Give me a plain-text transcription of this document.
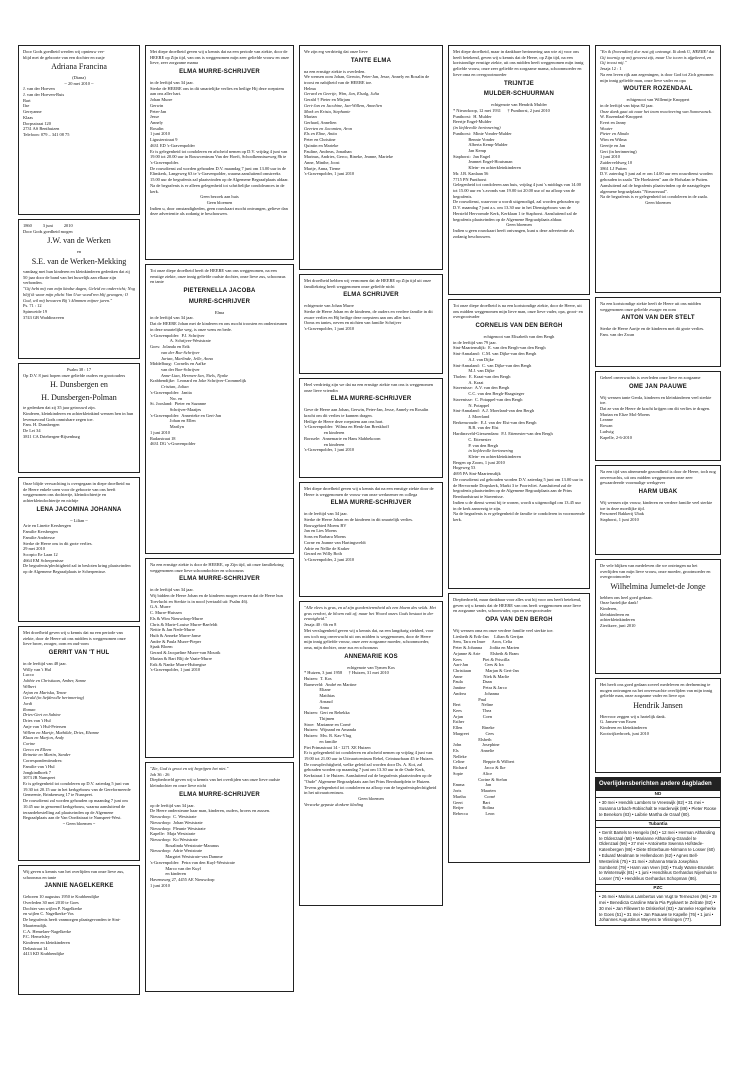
Door Gods goedheid werden wij opnieuw ver-
blijd met de geboorte van een dochter en zusje
Adriana Francina
(Diana)
~ 20 mei 2010 ~
J. van der Hoeven
J. van der Hoeven-Ruis
Bart
Ilse
Gerryanne
Klaas
Dorpsstraat 120
2731 AS Benthuizen
Telefoon: 079 – 341 08 75
1860          3 juni          2010
Door Gods goedheid mogen
J.W. van de Werken
en
S.E. van de Werken-Mekking
vandaag met hun kinderen en kleinkinderen gedenken dat zij 50 jaar door de band van het huwelijk aan elkaar zijn verbonden.
"Gij hebt mij van mijn kindse dagen, Geleid en onderricht; Nog blijf ik waar mijn plicht Van Uwe wond'ren blij gewagen; O God, wil mij bewaren Bij 't klimmen mijner jaren."
Ps. 71 : 12
Spinweide 19
3743 GB Waddinxveen
Psalm 38 : 17
Op D.V. 8 juni hopen onze geliefde ouders en grootouders
H. Dunsbergen en
H. Dunsbergen-Polman
te gedenken dat zij 35 jaar getrouwd zijn.
Kinderen, kleinkinderen en achterkleinkind wensen hen in hun levensavond Gods onmisbare zegen toe.
Fam. H. Dunsbergen
De Lei 34
3811 CA Driebergen-Rijsenburg
Onze blijde verwachting is overgegaan in diepe droefheid nu de Heere enkele uren voor de geboorte van ons heeft weggenomen ons dochtertje, kleindochtertje en achterkleindochtertje en nichtje
LENA JACOMINA JOHANNA
~ Lilian ~
Arie en Linette Kersbergen
Familie Kersbergen
Familie Andriesse
Sterke de Heere ons in dit grote verlies.
29 mei 2010
Scorpio Ee Laan 12
4664 EM Scherpenisse
De begrafenis/plechtigheid zal in besloten kring plaatsvinden op de Algemene Begraafplaats te Scherpenisse.
Met droefheid geven wij u kennis dat na een periode van ziekte, door de Heere uit ons midden is weggenomen onze lieve broer, zwager, oom en oud-oom
GERRIT VAN 'T HUL
in de leeftijd van 48 jaar.
Willy van 't Hul
Lucco
Jobbie en Christiaan, Amber, Sanne
Wilbert
Arjan en Mariska, Tenne
Gerald (in liefdevolle herinnering)
Jordi
Roman
Dries-Gert en Sabine
Dries van 't Hul
Anje van 't Hul-Petersen
Willem en Martje, Mathilde, Dries, Ehanne
Klaas en Marjon, Andy
Corine
Gerco en Elleen
Reinette en Martin, Sander
Correspondentieadres:
Familie van 't Hul
Jongkindhoek 7
3073 JR Nunspeet
Er is gelegenheid tot condoleren op D.V. zaterdag 5 juni van 19.30 tot 20.15 uur in het kerkgebouw van de Gereformeerde Gemeente, Brinkenweg 17 te Nunspeet.
De rouwdienst zal worden gehouden op maandag 7 juni om 10.45 uur in genoemd kerkgebouw, waarna aansluitend de teraardebestelling zal plaatsvinden op de Algemene Begraafplaats aan de Van Oordtstraat te Nunspeet-West.
~ Geen bloemen ~
Wij geven u kennis van het overlijden van onze lieve zus, schoonzus en tante
JANNIE NAGELKERKE
Geboren 10 augustus 1950 te Krabbendijke
Overleden 30 mei 2010 te Goes
Dochter van wijlen P. Nagelkerke
en wijlen C. Nagelkerke-Vos
De begrafenis heeft vanmorgen plaatsgevonden te Sint-Maartensdijk.
C.A. Hemelaer-Nagelkerke
P.C. Hemelsley
Kinderen en kleinkinderen
Deltastraat 14
4413 KD Krabbendijke
Met diepe droefheid geven wij u kennis dat na een periode van ziekte, door de HEERE op Zijn tijd, van ons is weggenomen mijn zeer geliefde vrouw en onze lieve, zeer zorgzame mama
ELMA MURRE-SCHRIJVER
in de leeftijd van 34 jaar.
Sterke de HEERE ons in dit smartelijke verlies en heilige Hij deze roepstem aan ons aller hart.
Johan Murre
Gerwin
Peter-Jan
Jesse
Annely
Rosalin
1 juni 2010
Ligusterstraat 9
4631 ED 's-Gravenpolder
Er is gelegenheid tot condoleren en afscheid nemen op D.V. vrijdag 4 juni van 19.00 tot 20.00 uur in Rouwcentrum Van der Hoeft, Schoolkennisseweg 8b te 's-Gravenpolder.
De rouwdienst zal worden gehouden D.V. maandag 7 juni om 13.00 uur in de Elimkerk, Langeweg 63 te 's-Gravenpolder, waarna aansluitend omstreeks 15.00 uur de begrafenis zal plaatsvinden op de Algemene Begraafplaats aldaar.
Na de begrafenis is er alleen gelegenheid tot schriftelijke condoleances in de kerk.
Geen bezoek aan huis
Geen bloemen
Indien u, door omstandigheden, geen rouwkaart mocht ontvangen, gelieve dan deze advertentie als zodanig te beschouwen.
Tot onze diepe droefheid heeft de HEERE van ons weggenomen, na een ernstige ziekte, onze innig geliefde oudste dochter, onze lieve zus, schoonzus en tante
PIETERNELLA JACOBA
MURRE-SCHRIJVER
Elma
in de leeftijd van 34 jaar.
Dat de HEERE Johan met de kinderen en ons mocht troosten en ondersteunen in deze smartelijke weg, is onze wens en bede.
's-Gravenpolder:  P.J. Schrijver
A. Schrijver-Weststrate
Goes:  Jolanda en Erik
van der Boe-Schrijver
Jurian, Marlinde, Jelle, Anna
Middelburg:  Cornelis en Aafke
van der Boe-Schrijver
Anne-Lian, Hermen-Jan, Niels, Nynke
Krabbendijke:  Leonard en Joke Schrijver-Crommelijk
Cristian, Julian
's-Gravenpolder:  Janita
Nw. en
St. Joosland:  Pieter en Suzanne
Schrijver-Maatjes
's-Gravenpolder:  Annerieke en Gert-Jan
Johan en Ellen
Marilyn
1 juni 2010
Radarstraat 18
4631 DG 's-Gravenpolder
Na een ernstige ziekte is door de HEERE, op Zijn tijd, uit onze familiekring weggenomen onze lieve schoondochter en schoonzus
ELMA MURRE-SCHRIJVER
in de leeftijd van 34 jaar.
Wij bidden de Heere Johan en de kinderen mogen ervaren dat de Heere hun Toevlucht en Sterkte is in nood (vertaald uit: Psalm 46).
G.A. Murre
C. Murre-Huissen
Els & Wim Nieuwdorp-Murre
Chris & Marie-Louise Murre-Baefeldt
Nettie & Jan Nede-Murre
Huib & Anneke Murre-Janse
Andre & Paula Murre-Pieper
Sjaak Bloem
Gerard & Jacqueline Murre-van Mourik
Marian & Bart Blij de Vaate-Murre
Erik & Nanke Murre-Hubregtse
's-Gravenpolder, 1 juni 2010
"Zie, God is groot en wij begrijpen het niet."
Job 36 : 26
Diepbedroefd geven wij u kennis van het overlijden van onze lieve oudste kleindochter en onze lieve nicht
ELMA MURRE-SCHRIJVER
op de leeftijd van 34 jaar.
De Heere ondersteune haar man, kinderen, ouders, broers en zussen.
Nieuwdorp:  C. Weststrate
Nieuwdorp:  Johan Weststrate
Nieuwdorp:  Pleunie Weststrate
Kapelle:  Maja Weststrate
Nieuwdorp:  Ko Weststrate
Rosalinda Weststrate-Maranus
Nieuwdorp:  Adrie Weststrate
Margriet Weststrate-van Damme
's-Gravenpolder:  Petra van den Kuyl-Weststrate
Marco van der Kuyl
en kinderen
Havensweg 27, 4455 AE Nieuwdorp
1 juni 2010
We zijn erg verdrietig dat onze lieve
TANTE ELMA
na een ernstige ziekte is overleden.
We wensen oom Johan, Gerwin, Peter-Jan, Jesse, Annely en Rosalin de troost en nabijheid van de HEERE toe.
Helma
Gerard en Geertje, Wim, Jan, Elsalg, Julia
Gerald † Pieter en Mirjam
Gert-Jan en Jacobine, Jan-Willem, Annelien
Mark en Krista, Stephanie
Marian
Gerhard, Annelien
Geerten en Jacomien, Aron
Els en Eline, Anita
Peter en Christine
Quintin en Marieke
Pauline, Andreas, Jonathan
Marinus, Andries, Gerco, Rineke, Jeanne, Marieke
Anne, Minthe, Joost
Martje, Anna, Tieme
's-Gravenpolder, 1 juni 2010
Met droefheid hebben wij vernomen dat de HEERE op Zijn tijd uit onze familiekring heeft weggenomen onze geliefde nicht
ELMA SCHRIJVER
echtgenote van Johan Murre
Sterke de Heere Johan en de kinderen, de ouders en verdere familie in dit zware verlies en Hij heilige deze roepstem aan ons aller hart.
Ooms en tantes, neven en nichten van familie Schrijver
's-Gravenpolder, 1 juni 2010
Heel verdrietig zijn we dat na een ernstige ziekte van ons is weggenomen onze lieve vriendin
ELMA MURRE-SCHRIJVER
Geve de Heere aan Johan, Gerwin, Peter-Jan, Jesse, Annely en Rosalin kracht om dit verlies te kunnen dragen.
Heilige de Heere deze roepstem aan ons hart.
's-Gravenpolder:  Wilma en Henk-Jan Breskhoff
en kinderen
Borssele:  Annemarie en Hans Slabbekoorn
en kinderen
's-Gravenpolder, 1 juni 2010
Met diepe droefheid geven wij u kennis dat na een ernstige ziekte door de Heere is weggenomen de vrouw van onze werknemer en collega
ELMA MURRE-SCHRIJVER
in de leeftijd van 34 jaar.
Sterke de Heere Johan en de kinderen in dit smartelijk verlies.
Bouwgebied Moens BV
Jan en Lies Moens
Sons en Barbara Moens
Corne en Joanne van Hartingsveldt
Adrie en Nellie de Kraker
Gerard en Willy Both
's-Gravenpolder, 2 juni 2010
"Alle vlees is gras, en al zijn goedertierenheid als een bloem des velds. Het gras verdort, de bloem valt af; maar het Woord onzes Gods bestaat in der eeuwigheid."
Jesaja 40 : 6b en 8
Met verslagenheid geven wij u kennis dat, na een langdurig ziekbed, voor ons toch nog onverwacht uit ons midden is weggenomen, door de Heere mijn innig geliefde vrouw, onze zeer zorgzame moeder, schoonmoeder, oma, mijn dochter, onze zus en schoonzus
ANNEMARIE KOS
echtgenote van Tymen Kos
* Huizen, 3 juni 1958      † Huizen, 31 mei 2010
Huizen:  T. Kos
Barneveld:  André en Martine
Eliane
Matthias
Arnaud
Anna
Huizen:  Gert en Rebekka
Thijmen
Stroe:  Marianne en Corné
Huizen:  Wijnand en Amanda
Huizen:  Mw. R. Kas-Vlug
en familie
Piet Primastraat 14 - 1271 XE Huizen
Er is gelegenheid tot condoleren en afscheid nemen op vrijdag 4 juni van 19.00 tot 21.00 uur in Uitvaartcentrum Rebel, Ceintuurbaan 45 te Huizen.
De rouwplechtigheid, welke geleid zal worden door Ds. A. Kot, zal gehouden worden op maandag 7 juni om 13.30 uur in de Oude Kerk, Kerkstraat 1 te Huizen. Aansluitend zal de begrafenis plaatsvinden op de "Oude" Algemene Begraafplaats aan het Prins Bernhardplein te Huizen.
Tevens gelegenheid tot condoleren na afloop van de begrafenisplechtigheid in het uitvaartcentrum.
Geen bloemen
Verzoeke gepaste donkere kleding
Met diepe droefheid, maar in dankbare herinnering aan wie zij voor ons heeft betekend, geven wij u kennis dat de Heere, op Zijn tijd, na een kortstondige ernstige ziekte, uit ons midden heeft weggenomen mijn innig geliefde vrouw, onze zeer geliefde en zorgzame mama, schoonmoeder en lieve oma en overgrootmoeder
TRIJNTJE
MULDER-SCHUURMAN
echtgenote van Hendrik Mulder
* Nieuwkoop, 12 mei 1931      † Punthorst, 2 juni 2010
Punthorst:  H. Mulder
Beertje Engel-Mulder
(in liefdevolle herinnering)
Punthorst:  Minie Vonder-Mulder
Bennie Vonder
Alberta Kemp-Mulder
Jan Kemp
Staphorst:  Jan Engel
Jeannet Engel-Houtsman
Klein- en achterkleinkinderen
Mr. J.B. Kanlaan 56
7715 PN Punthorst
Gelegenheid tot condoleren aan huis, vrijdag 4 juni 's middags van 14.00 tot 15.00 uur en 's avonds van 19.00 tot 20.00 uur of na afloop van de begrafenis.
De rouwdienst, waarvoor u wordt uitgenodigd, zal worden gehouden op D.V. maandag 7 juni a.s. om 13.30 uur in het Dienstgebouw van de Hersteld Hervormde Kerk, Kerklaan 1 te Staphorst. Aansluitend zal de begrafenis plaatsvinden op de Algemene Begraafplaats aldaar.
Geen bloemen
Indien u geen rouwkaart heeft ontvangen, kunt u deze advertentie als zodanig beschouwen.
Tot onze diepe droefheid is na een kortstondige ziekte, door de Heere, uit ons midden weggenomen mijn lieve man, onze lieve vader, opa, groot- en overgrootvader
CORNELIS VAN DEN BERGH
echtgenoot van Elisabeth van den Bergh
in de leeftijd van 79 jaar.
Sint-Maartensdijk:  E. van den Bergh-van den Bergh
Sint-Annaland:  C.M. van Dijke-van den Bergh
A.J. van Dijke
Sint-Annaland:  C. van Dijke-van den Bergh
M.J. van Dijke
Tholen:  E. Kraai-van den Bergh
A. Kraai
Stavenisse:  A.V. van den Bergh
C.C. van den Bergh-Haagsteger
Stavenisse:  C. Potappel-van den Bergh
N. Potappel
Sint-Annaland:  A.J. Moerland-van den Bergh
J. Moerland
Berkenwoude:  E.J. van der Elst-van den Bergh
R.B. van der Elst
Hardinxveld-Giessendam:  P.J. Ettenester-van den Bergh
C. Ettenester
P. van den Bergh
in liefdevolle herinnering
Klein- en achterkleinkinderen
Bergen op Zoom, 1 juni 2010
Hogeweg 53
4695 PA Sint-Maartensdijk
De rouwdienst zal gehouden worden D.V. zaterdag 5 juni om 13.00 uur in de Hervormde Dorpskerk, Markt 3 te Poortvliet. Aansluitend zal de begrafenis plaatsvinden op de Algemene Begraafplaats aan de Prins Bernhardstraat te Stavenisse.
Indien u de dienst wenst bij te wonen, wordt u uitgenodigd om 13.45 uur in de kerk aanwezig te zijn.
Na de begrafenis is er gelegenheid de familie te condoleren in voornoemde kerk.
Diepbedroefd, maar dankbaar voor alles wat hij voor ons heeft betekend, geven wij u kennis dat de HEERE van ons heeft weggenomen onze lieve en zorgzame vader, schoonvader, opa en overgrootvader
OPA VAN DEN BERGH
Wij wensen oma en onze verdere familie veel sterkte toe.
Liesbeth & Erik-Jan     Lilian & Gertjan
Sem, Tara en Imre      Aron, Celia
Peter & Johanna       Jodita en Marten
Arjanne & Arie         Elsbeth & Bram
Kees                   Piet & Priscilla
Aart-Jan               Cees & Ira
Christiaan             Marjan & Gert-Jan
Anne                   Niek & Marlie
Paula                  Daan
Jantine                Petra & Jarco
Andrea                 Johanna
Paul
Bert                   Neline
Kees                   Thea
Arjan                  Coen
Esther
Ellen                  Rineke
Margreet               Cees
Elsbeth
John                   Josephine
Els                    Annelie
Nelleke
Celine                 Beppie & Wilbert
Richard                Jacco & Ike
Sopie                  Alice
Corine & Stefan
Emma                   Jan
Joris                  Maarten
Martha                 Corné
Geert                  Bart
Reijer                 Rolina
Rebecca                Leon
"En ik (bovendien) doe rust gij ontvangt. Ik dank U, HEERE! dat Gij toornig op mij geweest zijt, maar Uw toorn is afgekeerd, en Gij troost mij."
Jesaja 12 : 1
Na een leven rijk aan zegeningen, is door God tot Zich genomen mijn innig geliefde man, onze lieve vader en opa
WOUTER ROZENDAAL
echtgenoot van Willemtje Knoppert
in de leeftijd van bijna 82 jaar.
Onze dank gaat uit naar het team reactivering van Sonnevanck.
W. Rozendaal-Knoppert
Evert en Janny
Wouter
Pieter en Alinda
Wim en Wilma
Geertje en Jan
Gert (in herinnering)
1 juni 2010
Zuiderveldweg 10
3861 LJ Putten
D.V. zaterdag 5 juni zal er om 14.00 uur een rouwdienst worden gehouden in zaala "De Hoeksteen" aan de Hofsalan te Putten. Aansluitend zal de begrafenis plaatsvinden op de naastgelegen algemene begraafplaats "Nieuwezaal".
Na de begrafenis is er gelegenheid tot condoleren in de zaala.
Geen bloemen
Na een kortstondige ziekte heeft de Heere uit ons midden weggenomen onze geliefde zwager en oom
ANTON VAN DER STELT
Sterke de Heere Aartje en de kinderen met dit grote verlies.
Fam. van der Zwan
Geheel onverwachts is overleden onze lieve en zorgzame
OME JAN PAAUWE
Wij wensen tante Gerda, kinderen en kleinkinderen veel sterkte toe.
Dat ze van de Heere de kracht krijgen om dit verlies te dragen.
Marian en Elize Mol-Moens
Leanne
Rowan
Ludwig
Kapelle, 2-6-2010
Na een tijd van afnemende gezondheid is door de Heere, toch nog onverwachts, uit ons midden weggenomen onze zeer gewaardeerde voormalige werkgever
HARM UBAK
Wij wensen zijn vrouw, kinderen en verdere familie veel sterkte toe in deze moeilijke tijd.
Personeel Bakkerij Ubak
Staphorst, 1 juni 2010
De vele blijken van medeleven die we ontvingen na het overlijden van mijn lieve vrouw, onze moeder, grootmoeder en overgrootmoeder
Wilhelmina Jumelet-de Jonge
hebben ons heel goed gedaan.
Onze hartelijke dank!
Kinderen,
kleinkinderen en
achterkleinkinderen
Zierikzee, juni 2010
Het heeft ons goed gedaan zoveel medeleven en deelneming te mogen ontvangen na het onverwachte overlijden van mijn innig geliefde man, onze zorgzame vader en lieve opa
Hendrik Jansen
Hiervoor zeggen wij u hartelijk dank.
G. Jansen-van Essen
Kinderen en kleinkinderen
Kootwijkerbroek, juni 2010
Overlijdensberichten andere dagbladen
ND
• 30 mei • Hendrik Lambers te Vreeswijk (82) • 31 mei • Susanna Urbach-Robischalt te Harderwijk (89) • Pieter Roose te Benekom (83) • Laibrie Martha de Graaf (80).
Tubantia
• Gerrit Bartels te Hengelo (84) • 12 mei • Herman Altharoling te Oldenzaal (68) • Marianne Altharoling-Grandel te Oldenzaal (56) • 27 mei • Antoinette Swenna Hofstede-Katenbergen (86) • Diete Elsterbaum-Nirmann te Losser (60) • Eduard Mealman te Hellendoorn (62) • Agnes Bell-Westeriink (75) • 31 mei • Johanna Maria Josephina Somberst (79) • Harm van Veen (83) • Trudy Wams-Brunslet te Winterswijk (81) • 1 juni • Hendrikus Gerhardus Nijenhuis te Losser (75) • Hendrikus Gerhardus Schopman (86).
PZC
• 26 mei • Marinus Lambertus van Vugt te Terneuzen (96) • 29 mei • Benedicta Caroline Maria Pia Pypkaert te Zelzate (82) • 30 mei • Jan Fillewert te Driskerkel (83) • Janneke Hogeherke te Goes (51) • 31 mei • Jan Paauwe te Kapelle (76) • 1 juni • Johannes Augustinus Weyens te Vlissingen (77).
